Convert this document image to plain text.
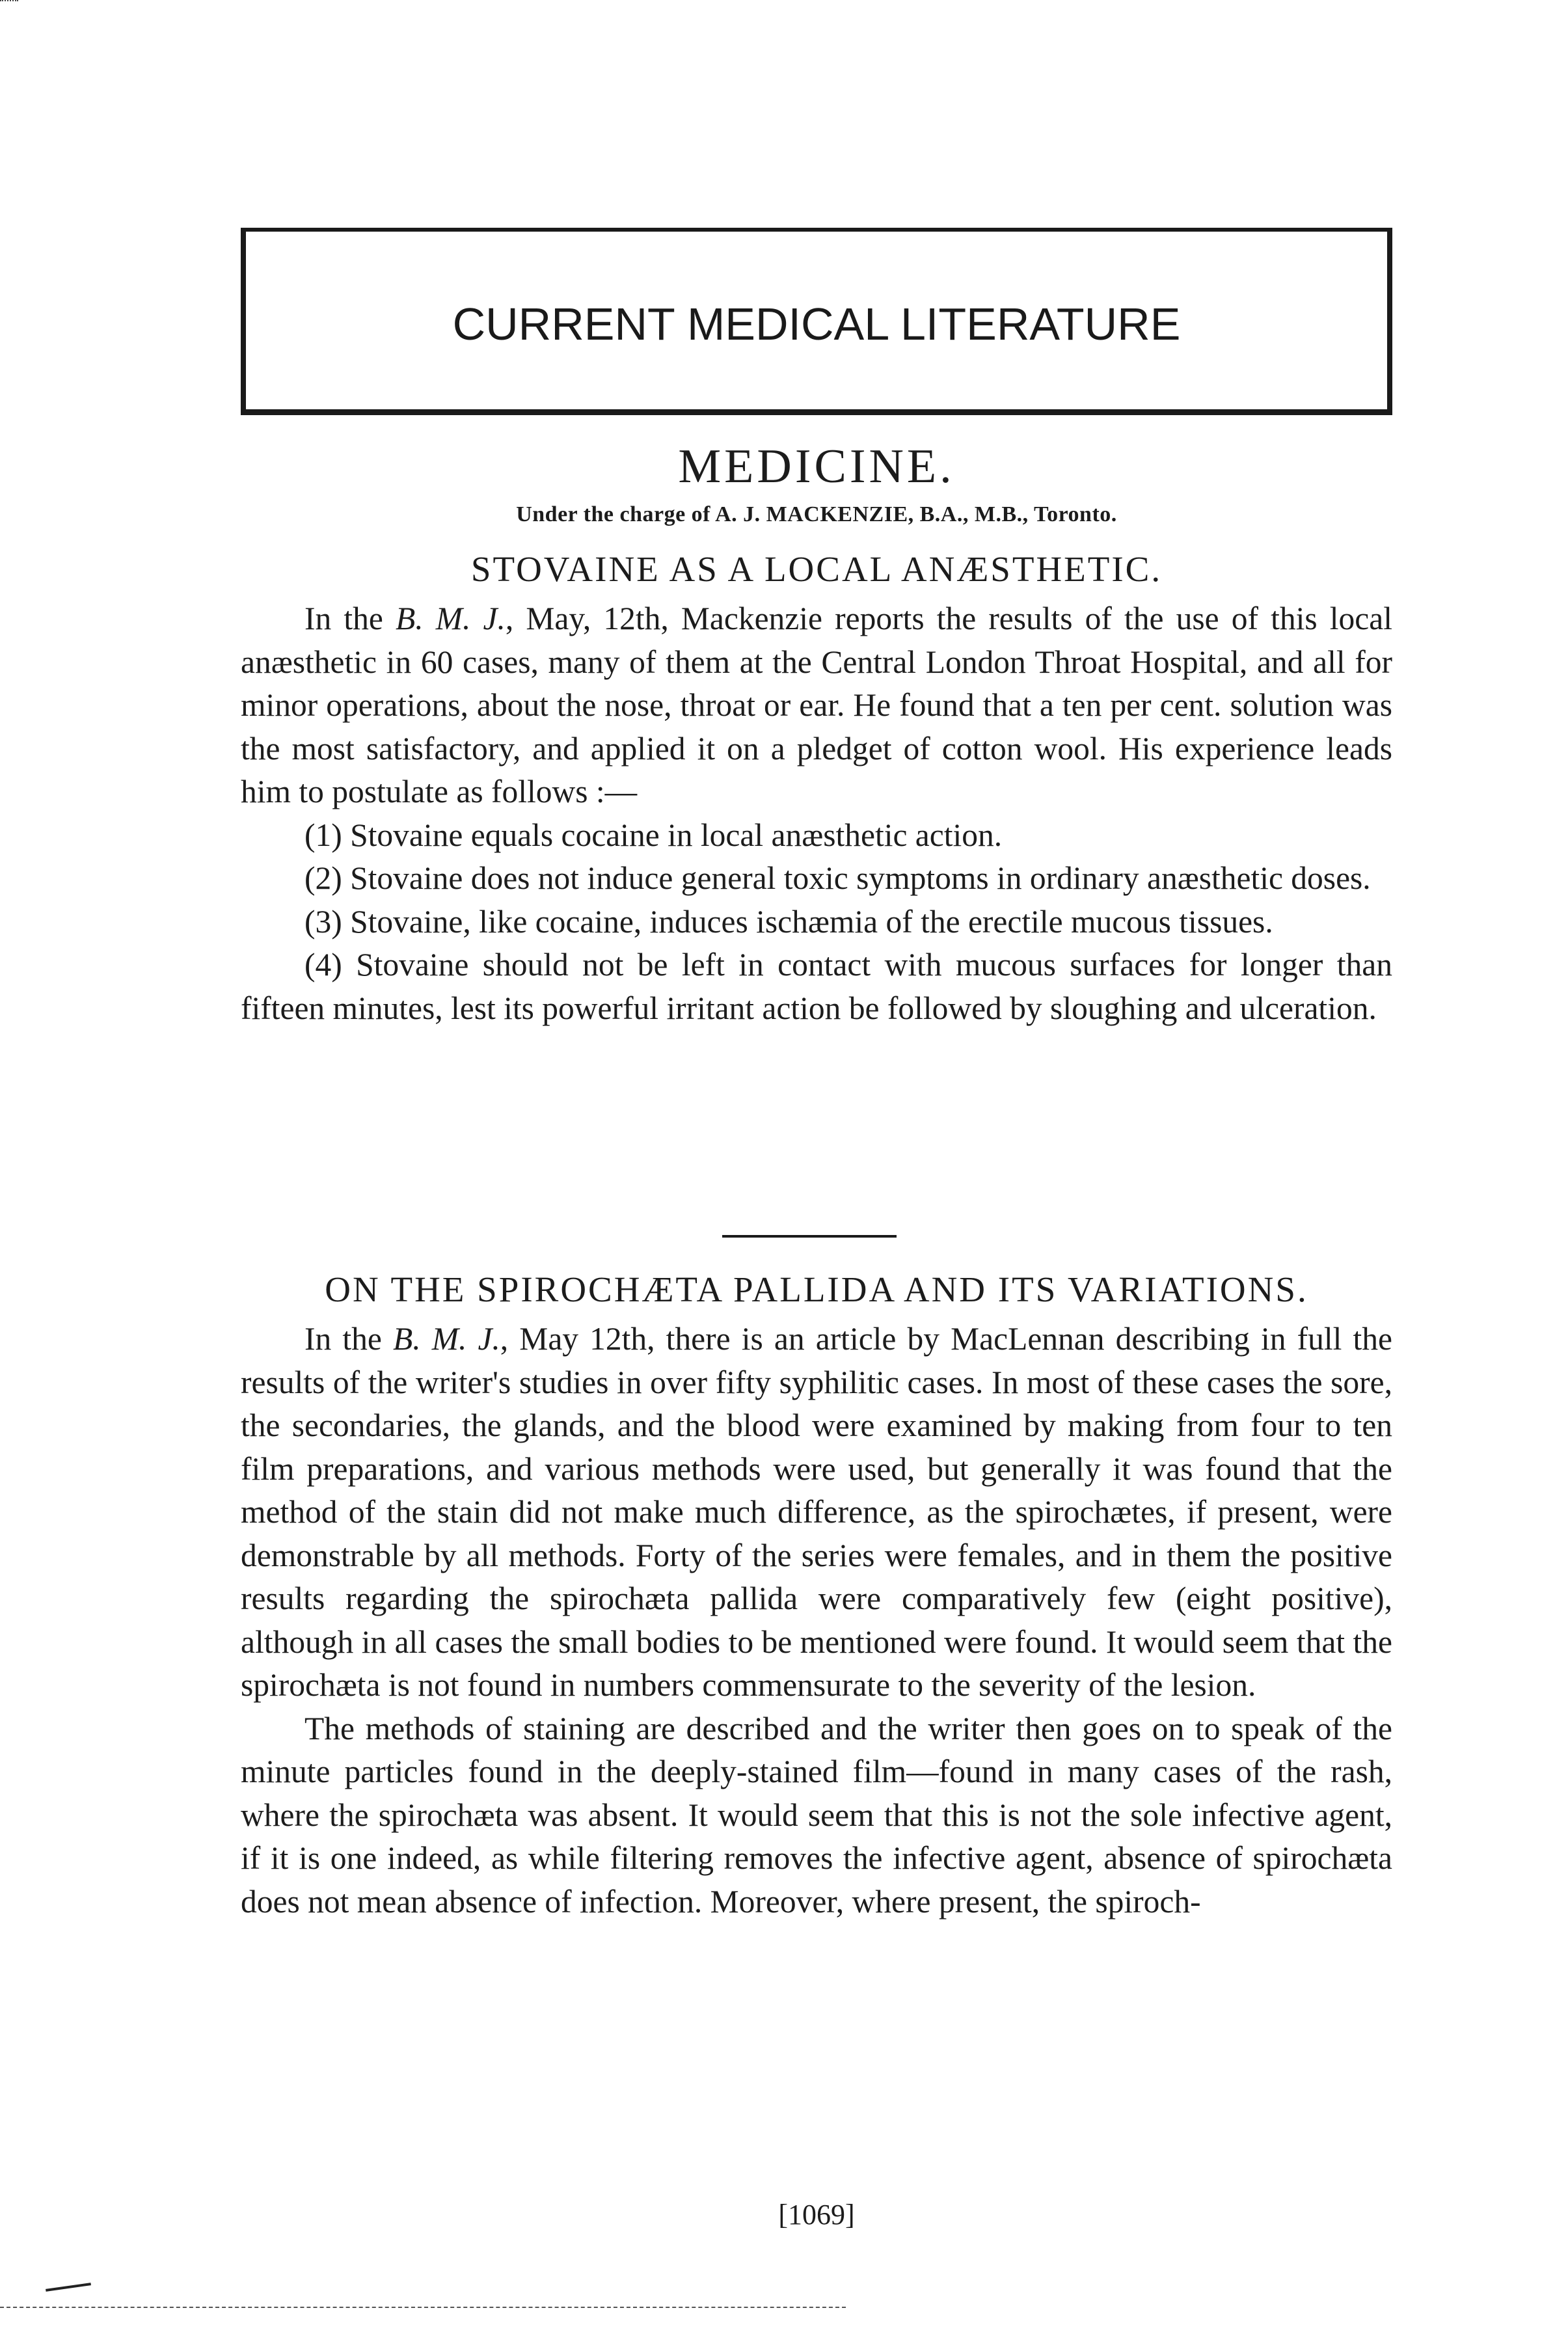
CURRENT MEDICAL LITERATURE
MEDICINE.
Under the charge of A. J. MACKENZIE, B.A., M.B., Toronto.
STOVAINE AS A LOCAL ANÆSTHETIC.

In the B. M. J., May, 12th, Mackenzie reports the results of the use of this local anæsthetic in 60 cases, many of them at the Central London Throat Hospital, and all for minor operations, about the nose, throat or ear. He found that a ten per cent. solution was the most satisfactory, and applied it on a pledget of cotton wool. His experience leads him to postulate as follows :—

(1) Stovaine equals cocaine in local anæsthetic action.

(2) Stovaine does not induce general toxic symptoms in ordinary anæsthetic doses.

(3) Stovaine, like cocaine, induces ischæmia of the erectile mucous tissues.

(4) Stovaine should not be left in contact with mucous surfaces for longer than fifteen minutes, lest its powerful irritant action be followed by sloughing and ulceration.

ON THE SPIROCHÆTA PALLIDA AND ITS VARIATIONS.

In the B. M. J., May 12th, there is an article by MacLennan describing in full the results of the writer's studies in over fifty syphilitic cases. In most of these cases the sore, the secondaries, the glands, and the blood were examined by making from four to ten film preparations, and various methods were used, but generally it was found that the method of the stain did not make much difference, as the spirochætes, if present, were demonstrable by all methods. Forty of the series were females, and in them the positive results regarding the spirochæta pallida were comparatively few (eight positive), although in all cases the small bodies to be mentioned were found. It would seem that the spirochæta is not found in numbers commensurate to the severity of the lesion.

The methods of staining are described and the writer then goes on to speak of the minute particles found in the deeply-stained film—found in many cases of the rash, where the spirochæta was absent. It would seem that this is not the sole infective agent, if it is one indeed, as while filtering removes the infective agent, absence of spirochæta does not mean absence of infection. Moreover, where present, the spiroch-

[1069]
